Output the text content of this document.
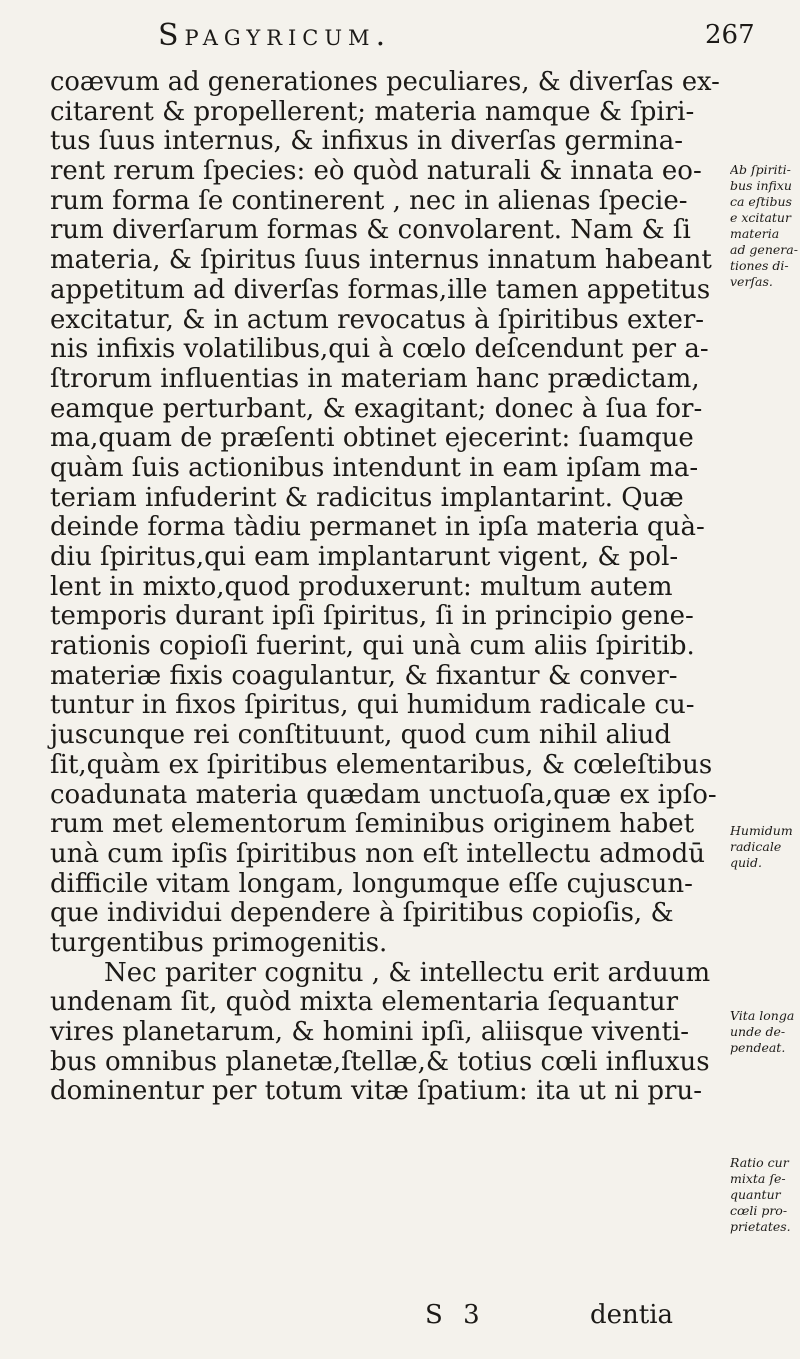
Spagyricum.	267
coævum ad generationes peculiares, & diverſas ex-
citarent & propellerent; materia namque & ſpiri-
tus ſuus internus, & infixus in diverſas germina-
rent rerum ſpecies: eò quòd naturali & innata eo-
rum forma ſe continerent , nec in alienas ſpecie-
rum diverſarum formas & convolarent. Nam & ſi
materia, & ſpiritus ſuus internus innatum habeant
appetitum ad diverſas formas,ille tamen appetitus
excitatur, & in actum revocatus à ſpiritibus exter-
nis infixis volatilibus,qui à cœlo deſcendunt per a-
ſtrorum influentias in materiam hanc prædictam,
eamque perturbant, & exagitant; donec à ſua for-
ma,quam de præſenti obtinet ejecerint: ſuamque
quàm ſuis actionibus intendunt in eam ipſam ma-
teriam infuderint & radicitus implantarint. Quæ
deinde forma tàdiu permanet in ipſa materia quà-
diu ſpiritus,qui eam implantarunt vigent, & pol-
lent in mixto,quod produxerunt: multum autem
temporis durant ipſi ſpiritus, ſi in principio gene-
rationis copioſi fuerint, qui unà cum aliis ſpiritib.
materiæ fixis coagulantur, & fixantur & conver-
tuntur in fixos ſpiritus, qui humidum radicale cu-
juscunque rei conſtituunt, quod cum nihil aliud
ſit,quàm ex ſpiritibus elementaribus, & cœleſtibus
coadunata materia quædam unctuoſa,quæ ex ipſo-
rum met elementorum ſeminibus originem habet
unà cum ipſis ſpiritibus non eſt intellectu admodū
difficile vitam longam, longumque eſſe cujuscun-
que individui dependere à ſpiritibus copioſis, &
turgentibus primogenitis.
Nec pariter cognitu , & intellectu erit arduum
undenam ſit, quòd mixta elementaria ſequantur
vires planetarum, & homini ipſi, aliisque viventi-
bus omnibus planetæ,ſtellæ,& totius cœli influxus
dominentur per totum vitæ ſpatium: ita ut ni pru-
Ab ſpiriti-
bus infixu
ca eſtibus
e xcitatur
materia
ad genera-
tiones di-
verſas.
Humidum
radicale
quid.
Vita longa
unde de-
pendeat.
Ratio cur
mixta ſe-
quantur
cœli pro-
prietates.
S 3	dentia
